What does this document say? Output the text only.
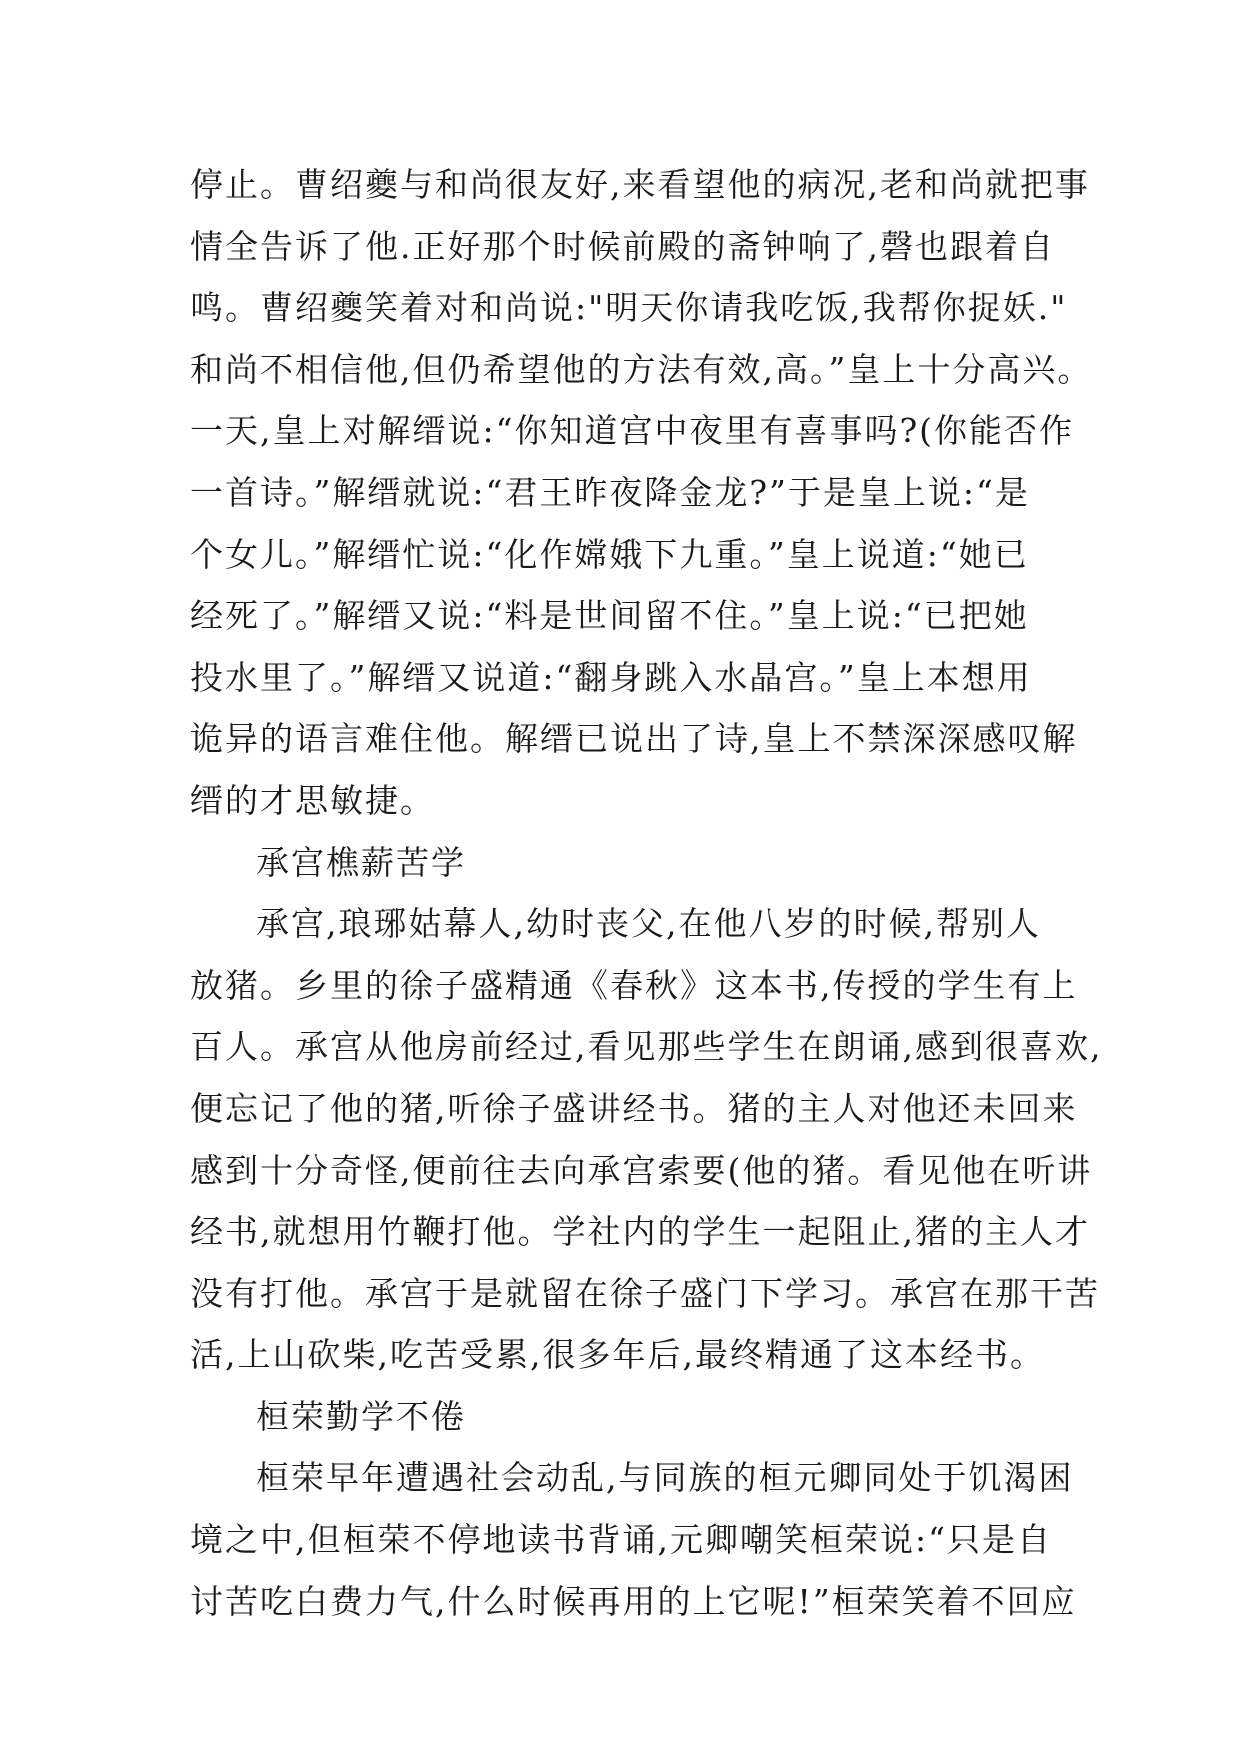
停止。曹绍夔与和尚很友好,来看望他的病况,老和尚就把事
情全告诉了他.正好那个时候前殿的斋钟响了,磬也跟着自
鸣。曹绍夔笑着对和尚说:"明天你请我吃饭,我帮你捉妖."
和尚不相信他,但仍希望他的方法有效,高。”皇上十分高兴。
一天,皇上对解缙说:“你知道宫中夜里有喜事吗?(你能否作
一首诗。”解缙就说:“君王昨夜降金龙?”于是皇上说:“是
个女儿。”解缙忙说:“化作嫦娥下九重。”皇上说道:“她已
经死了。”解缙又说:“料是世间留不住。”皇上说:“已把她
投水里了。”解缙又说道:“翻身跳入水晶宫。”皇上本想用
诡异的语言难住他。解缙已说出了诗,皇上不禁深深感叹解
缙的才思敏捷。
承宫樵薪苦学
承宫,琅琊姑幕人,幼时丧父,在他八岁的时候,帮别人
放猪。乡里的徐子盛精通《春秋》这本书,传授的学生有上
百人。承宫从他房前经过,看见那些学生在朗诵,感到很喜欢,
便忘记了他的猪,听徐子盛讲经书。猪的主人对他还未回来
感到十分奇怪,便前往去向承宫索要(他的猪。看见他在听讲
经书,就想用竹鞭打他。学社内的学生一起阻止,猪的主人才
没有打他。承宫于是就留在徐子盛门下学习。承宫在那干苦
活,上山砍柴,吃苦受累,很多年后,最终精通了这本经书。
桓荣勤学不倦
桓荣早年遭遇社会动乱,与同族的桓元卿同处于饥渴困
境之中,但桓荣不停地读书背诵,元卿嘲笑桓荣说:“只是自
讨苦吃白费力气,什么时候再用的上它呢!”桓荣笑着不回应
